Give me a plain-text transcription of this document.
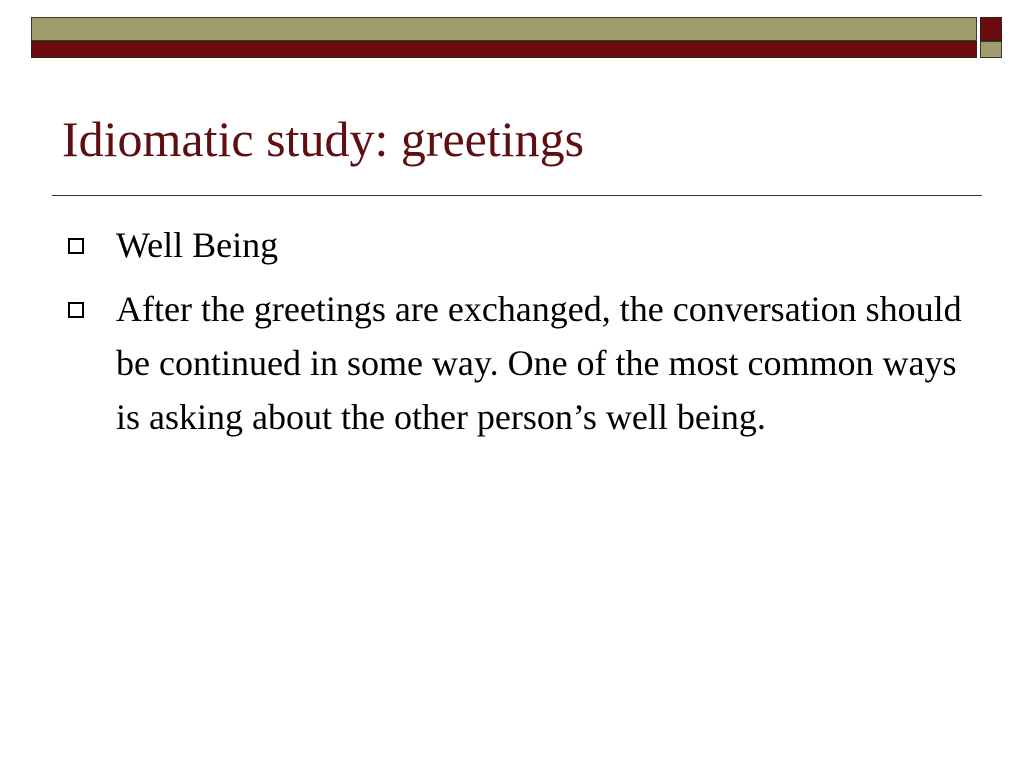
Idiomatic study: greetings
Well Being
After the greetings are exchanged, the conversation should be continued in some way. One of the most common ways is asking about the other person’s well being.
